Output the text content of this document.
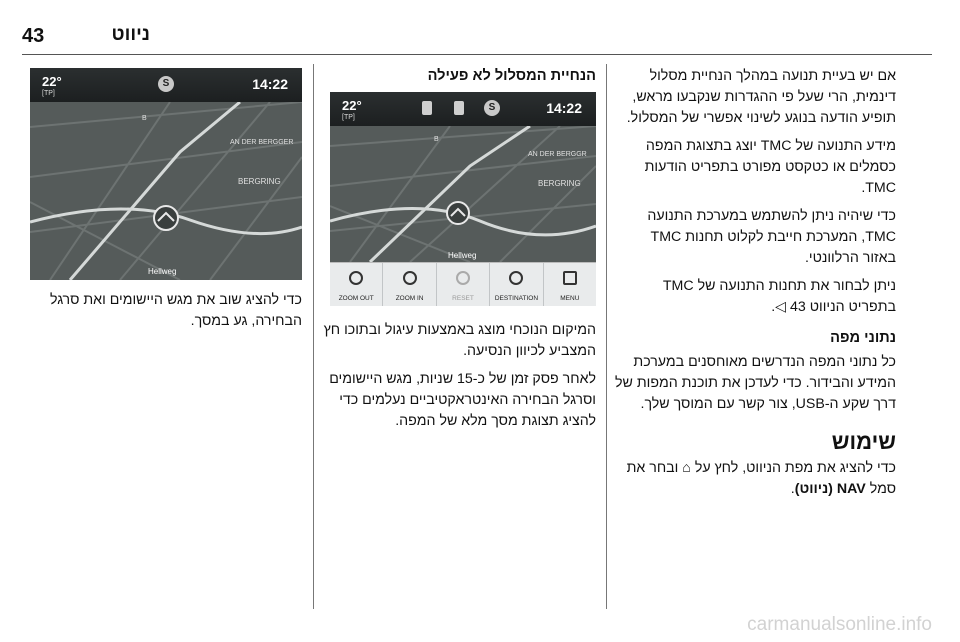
43	ניווט

אם יש בעיית תנועה במהלך הנחיית מסלול דינמית, הרי שעל פי ההגדרות שנקבעו מראש, תופיע הודעה בנוגע לשינוי אפשרי של המסלול.

מידע התנועה של TMC יוצג בתצוגת המפה כסמלים או כטקסט מפורט בתפריט הודעות TMC.

כדי שיהיה ניתן להשתמש במערכת התנועה TMC, המערכת חייבת לקלוט תחנות TMC באזור הרלוונטי.

ניתן לבחור את תחנות התנועה של TMC בתפריט הניווט 43 ◁.

נתוני מפה

כל נתוני המפה הנדרשים מאוחסנים במערכת המידע והבידור. כדי לעדכן את תוכנת המפות של דרך שקע ה-USB, צור קשר עם המוסך שלך.

שימוש

כדי להציג את מפת הניווט, לחץ על ⌂ ובחר את סמל NAV (ניווט).

הנחיית המסלול לא פעילה
22°
[TP]
S	14:22
AN DER BERGGR
BERGRING
Hellweg
B
ZOOM OUT	ZOOM IN	RESET	DESTINATION	MENU

המיקום הנוכחי מוצג באמצעות עיגול ובתוכו חץ המצביע לכיוון הנסיעה.

לאחר פסק זמן של כ-15 שניות, מגש היישומים וסרגל הבחירה האינטראקטיביים נעלמים כדי להציג תצוגת מסך מלא של המפה.

22°
[TP]
S	14:22
AN DER BERGGER
BERGRING
Hellweg
B

כדי להציג שוב את מגש היישומים ואת סרגל הבחירה, גע במסך.

carmanualsonline.info
